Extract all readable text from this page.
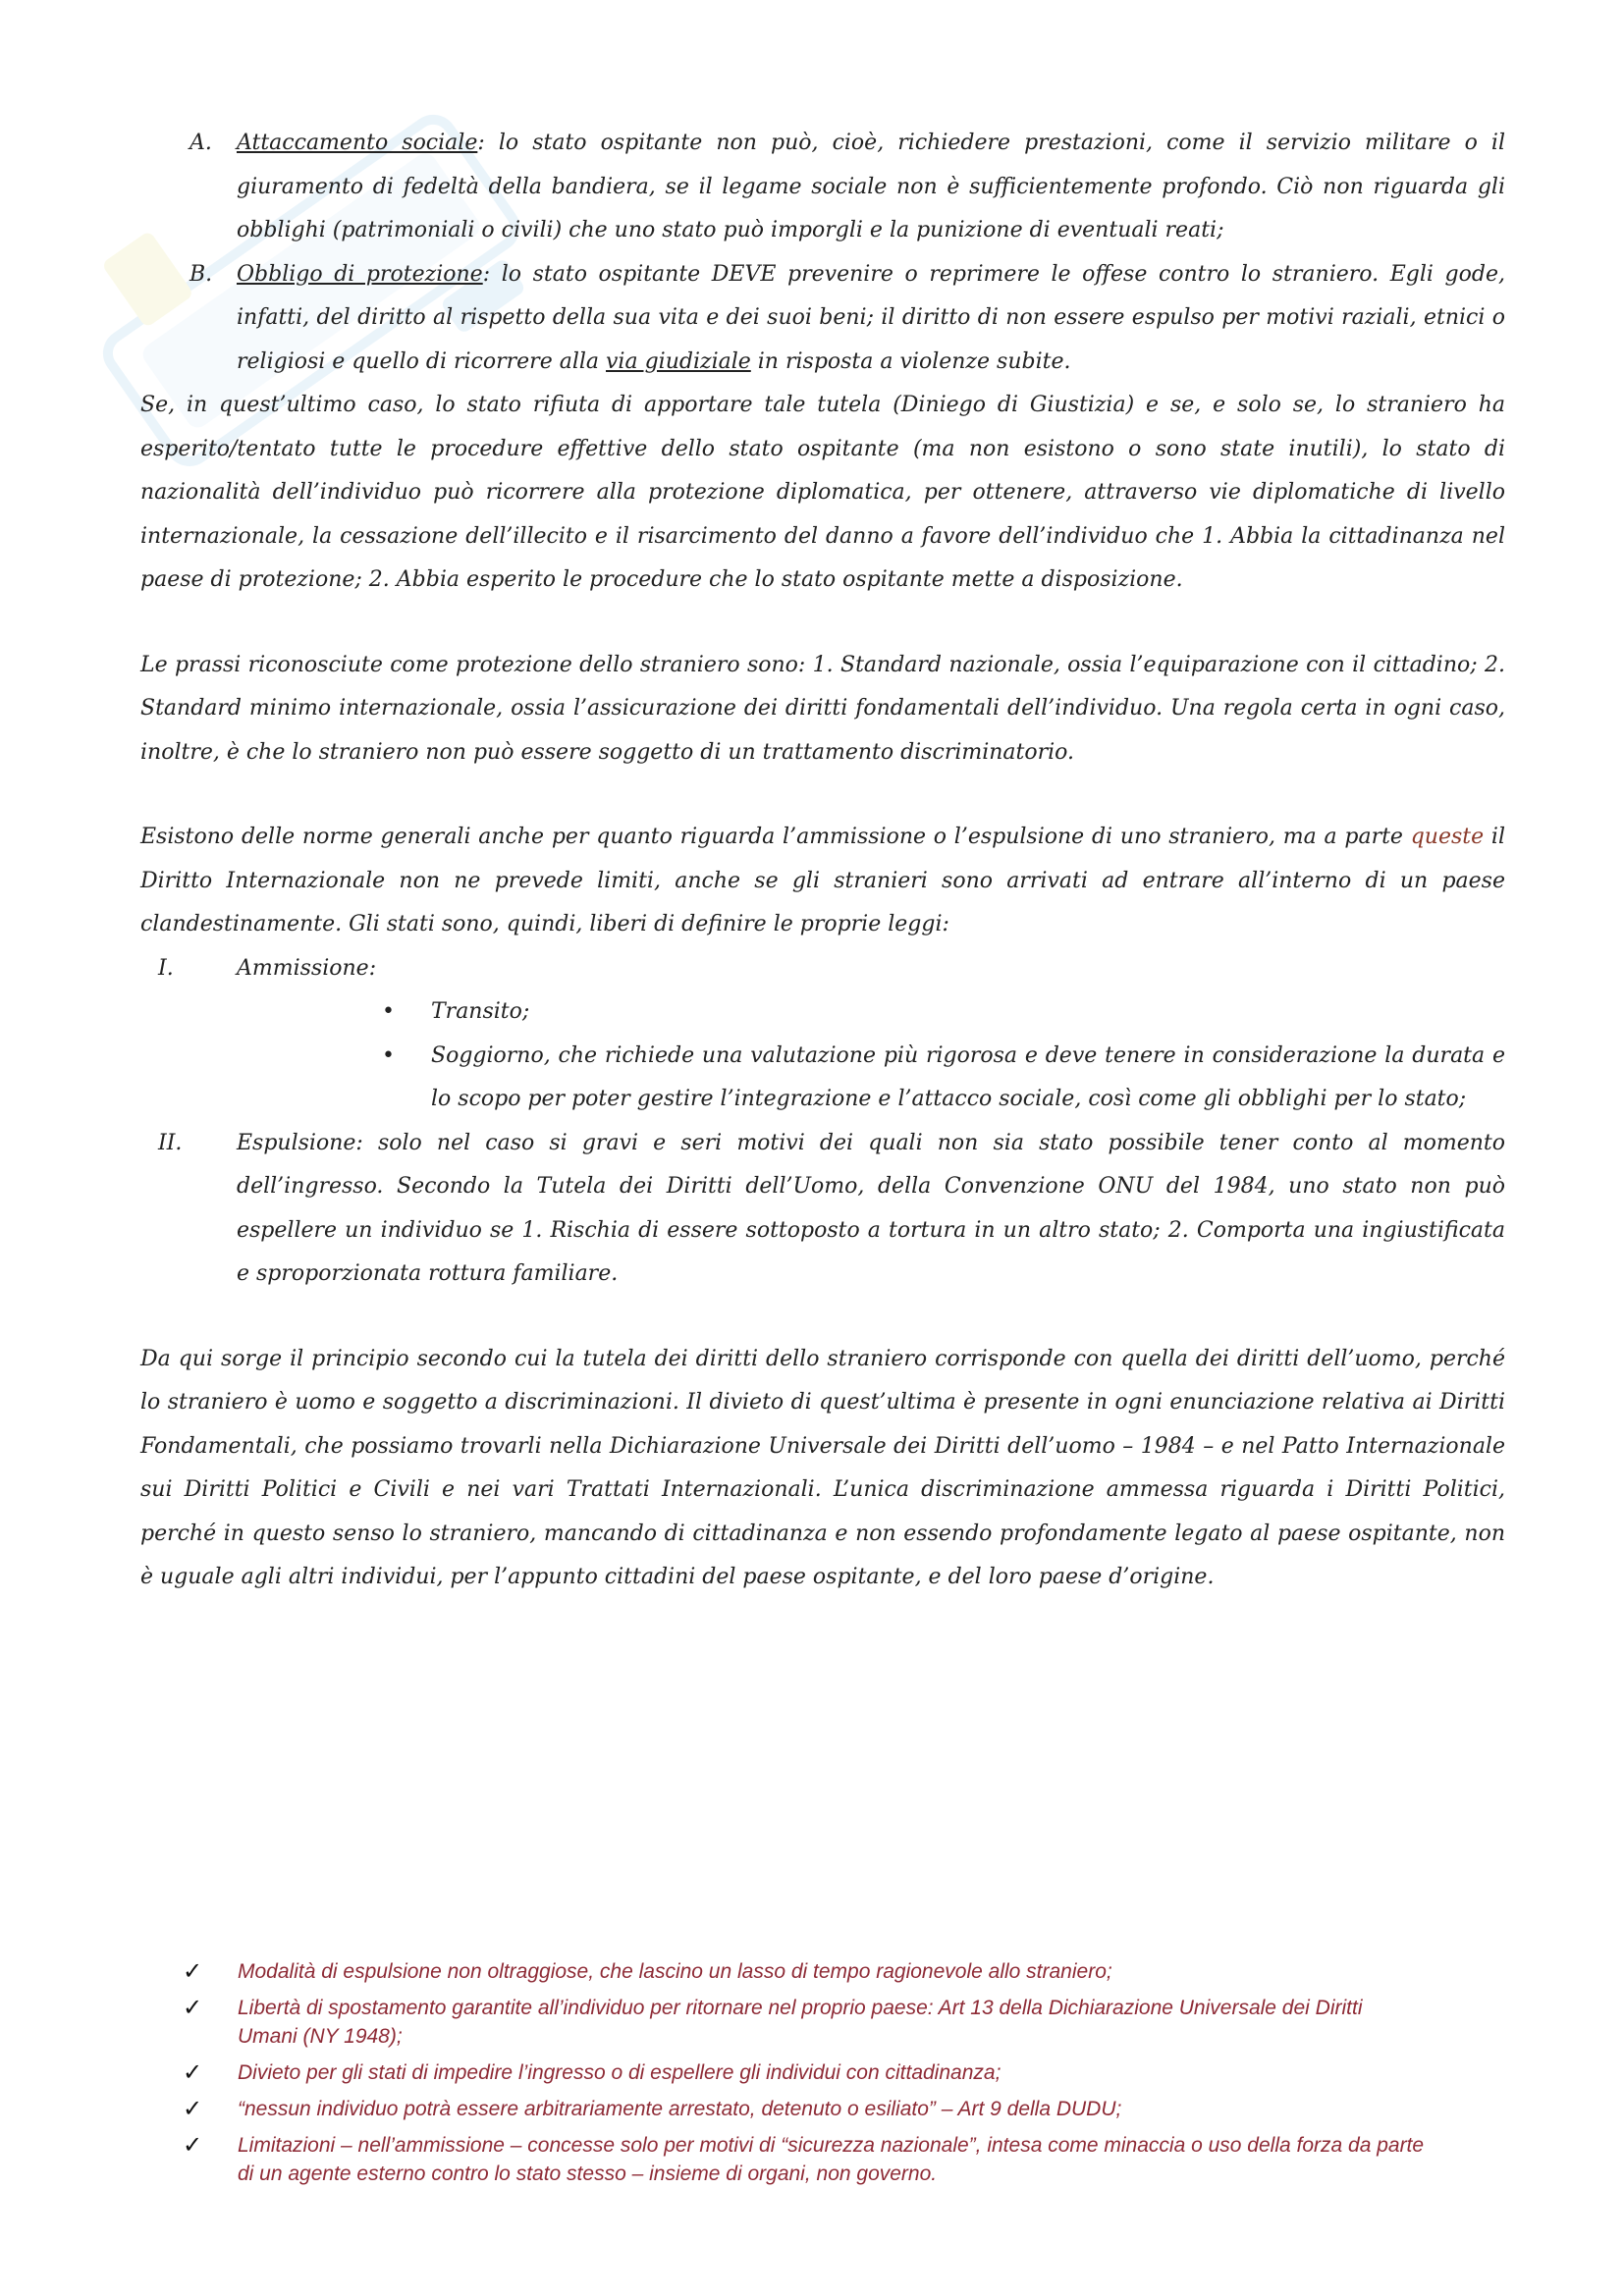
A. Attaccamento sociale: lo stato ospitante non può, cioè, richiedere prestazioni, come il servizio militare o il giuramento di fedeltà della bandiera, se il legame sociale non è sufficientemente profondo. Ciò non riguarda gli obblighi (patrimoniali o civili) che uno stato può imporgli e la punizione di eventuali reati;
B. Obbligo di protezione: lo stato ospitante DEVE prevenire o reprimere le offese contro lo straniero. Egli gode, infatti, del diritto al rispetto della sua vita e dei suoi beni; il diritto di non essere espulso per motivi raziali, etnici o religiosi e quello di ricorrere alla via giudiziale in risposta a violenze subite.

Se, in quest’ultimo caso, lo stato rifiuta di apportare tale tutela (Diniego di Giustizia) e se, e solo se, lo straniero ha esperito/tentato tutte le procedure effettive dello stato ospitante (ma non esistono o sono state inutili), lo stato di nazionalità dell’individuo può ricorrere alla protezione diplomatica, per ottenere, attraverso vie diplomatiche di livello internazionale, la cessazione dell’illecito e il risarcimento del danno a favore dell’individuo che 1. Abbia la cittadinanza nel paese di protezione; 2. Abbia esperito le procedure che lo stato ospitante mette a disposizione.

Le prassi riconosciute come protezione dello straniero sono: 1. Standard nazionale, ossia l’equiparazione con il cittadino; 2. Standard minimo internazionale, ossia l’assicurazione dei diritti fondamentali dell’individuo. Una regola certa in ogni caso, inoltre, è che lo straniero non può essere soggetto di un trattamento discriminatorio.

Esistono delle norme generali anche per quanto riguarda l’ammissione o l’espulsione di uno straniero, ma a parte queste il Diritto Internazionale non ne prevede limiti, anche se gli stranieri sono arrivati ad entrare all’interno di un paese clandestinamente. Gli stati sono, quindi, liberi di definire le proprie leggi:

I.	Ammissione:
• Transito;
• Soggiorno, che richiede una valutazione più rigorosa e deve tenere in considerazione la durata e lo scopo per poter gestire l’integrazione e l’attacco sociale, così come gli obblighi per lo stato;
II.	Espulsione: solo nel caso si gravi e seri motivi dei quali non sia stato possibile tener conto al momento dell’ingresso. Secondo la Tutela dei Diritti dell’Uomo, della Convenzione ONU del 1984, uno stato non può espellere un individuo se 1. Rischia di essere sottoposto a tortura in un altro stato; 2. Comporta una ingiustificata e sproporzionata rottura familiare.

Da qui sorge il principio secondo cui la tutela dei diritti dello straniero corrisponde con quella dei diritti dell’uomo, perché lo straniero è uomo e soggetto a discriminazioni. Il divieto di quest’ultima è presente in ogni enunciazione relativa ai Diritti Fondamentali, che possiamo trovarli nella Dichiarazione Universale dei Diritti dell’uomo – 1984 – e nel Patto Internazionale sui Diritti Politici e Civili e nei vari Trattati Internazionali. L’unica discriminazione ammessa riguarda i Diritti Politici, perché in questo senso lo straniero, mancando di cittadinanza e non essendo profondamente legato al paese ospitante, non è uguale agli altri individui, per l’appunto cittadini del paese ospitante, e del loro paese d’origine.

✓ Modalità di espulsione non oltraggiose, che lascino un lasso di tempo ragionevole allo straniero;
✓ Libertà di spostamento garantite all’individuo per ritornare nel proprio paese: Art 13 della Dichiarazione Universale dei Diritti
Umani (NY 1948);
✓ Divieto per gli stati di impedire l’ingresso o di espellere gli individui con cittadinanza;
✓ “nessun individuo potrà essere arbitrariamente arrestato, detenuto o esiliato” – Art 9 della DUDU;
✓ Limitazioni – nell’ammissione – concesse solo per motivi di “sicurezza nazionale”, intesa come minaccia o uso della forza da parte
di un agente esterno contro lo stato stesso – insieme di organi, non governo.
